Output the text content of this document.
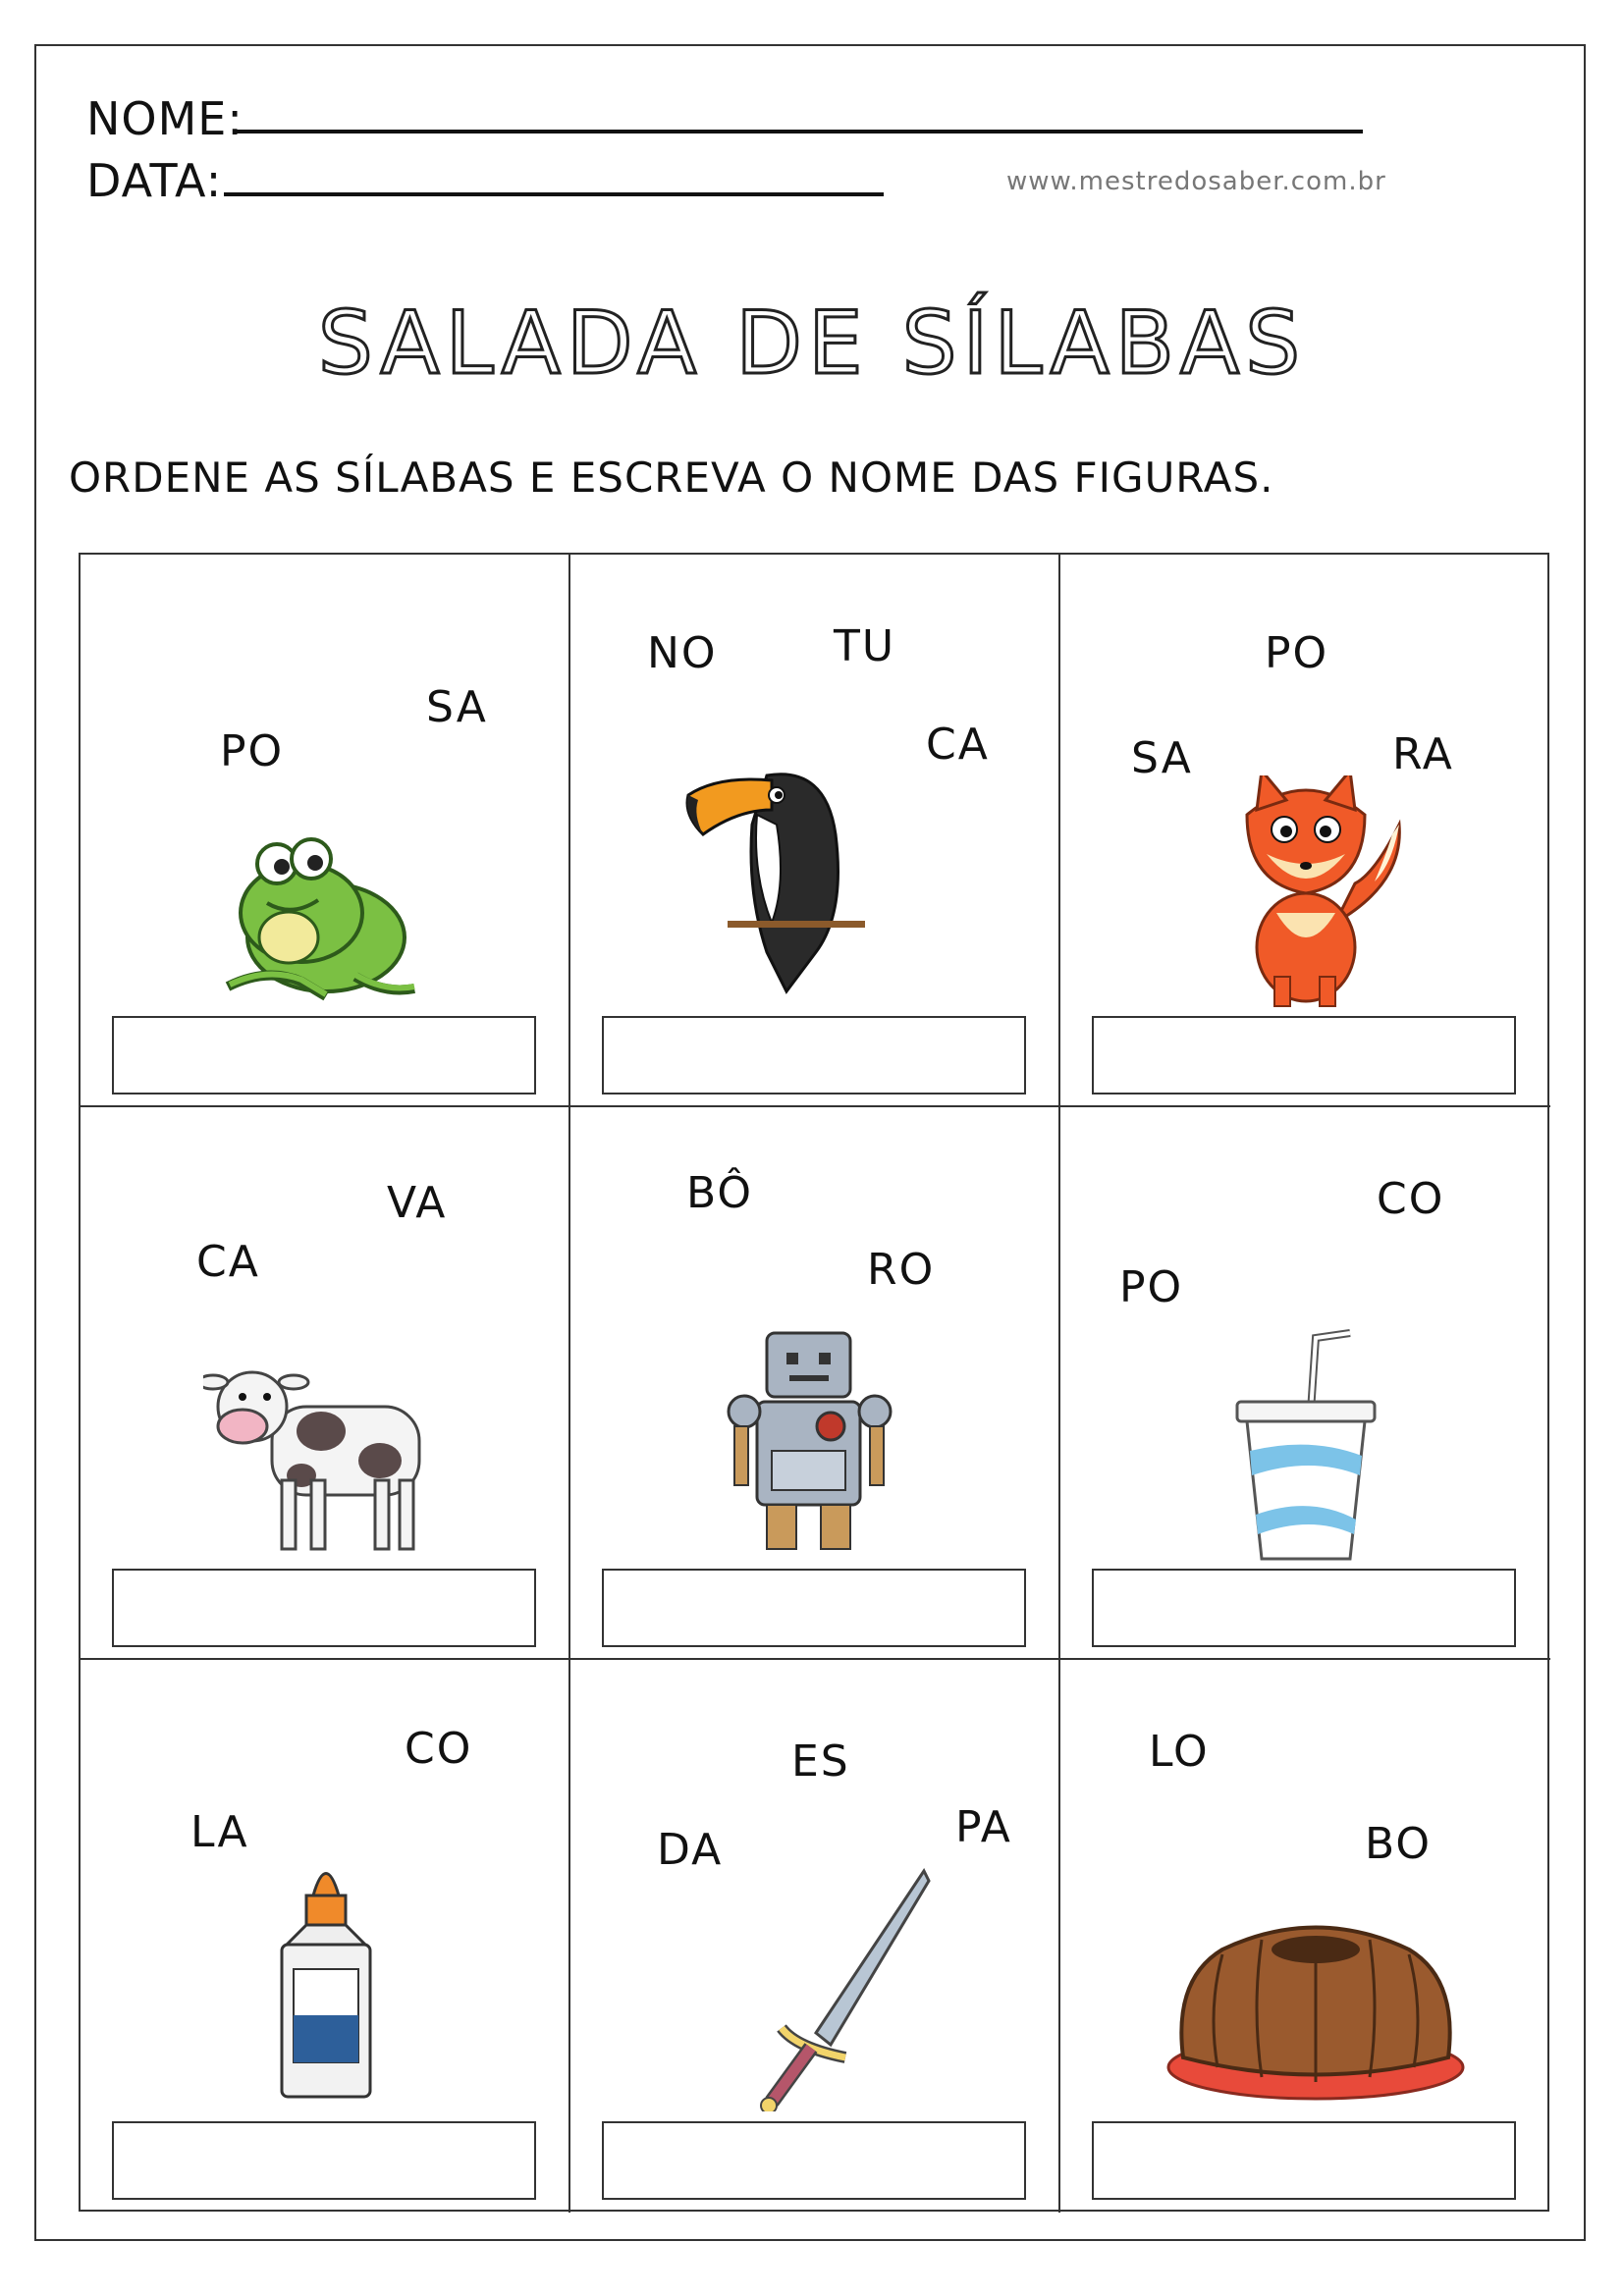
NOME:
DATA:	www.mestredosaber.com.br
SALADA DE SÍLABAS
ORDENE AS SÍLABAS E ESCREVA O NOME DAS FIGURAS.
PO
SA
NO	TU
CA
PO
SA	RA
VA
CA
BÔ
RO
CO
PO
CO
LA
ES
DA	PA
LO
BO
